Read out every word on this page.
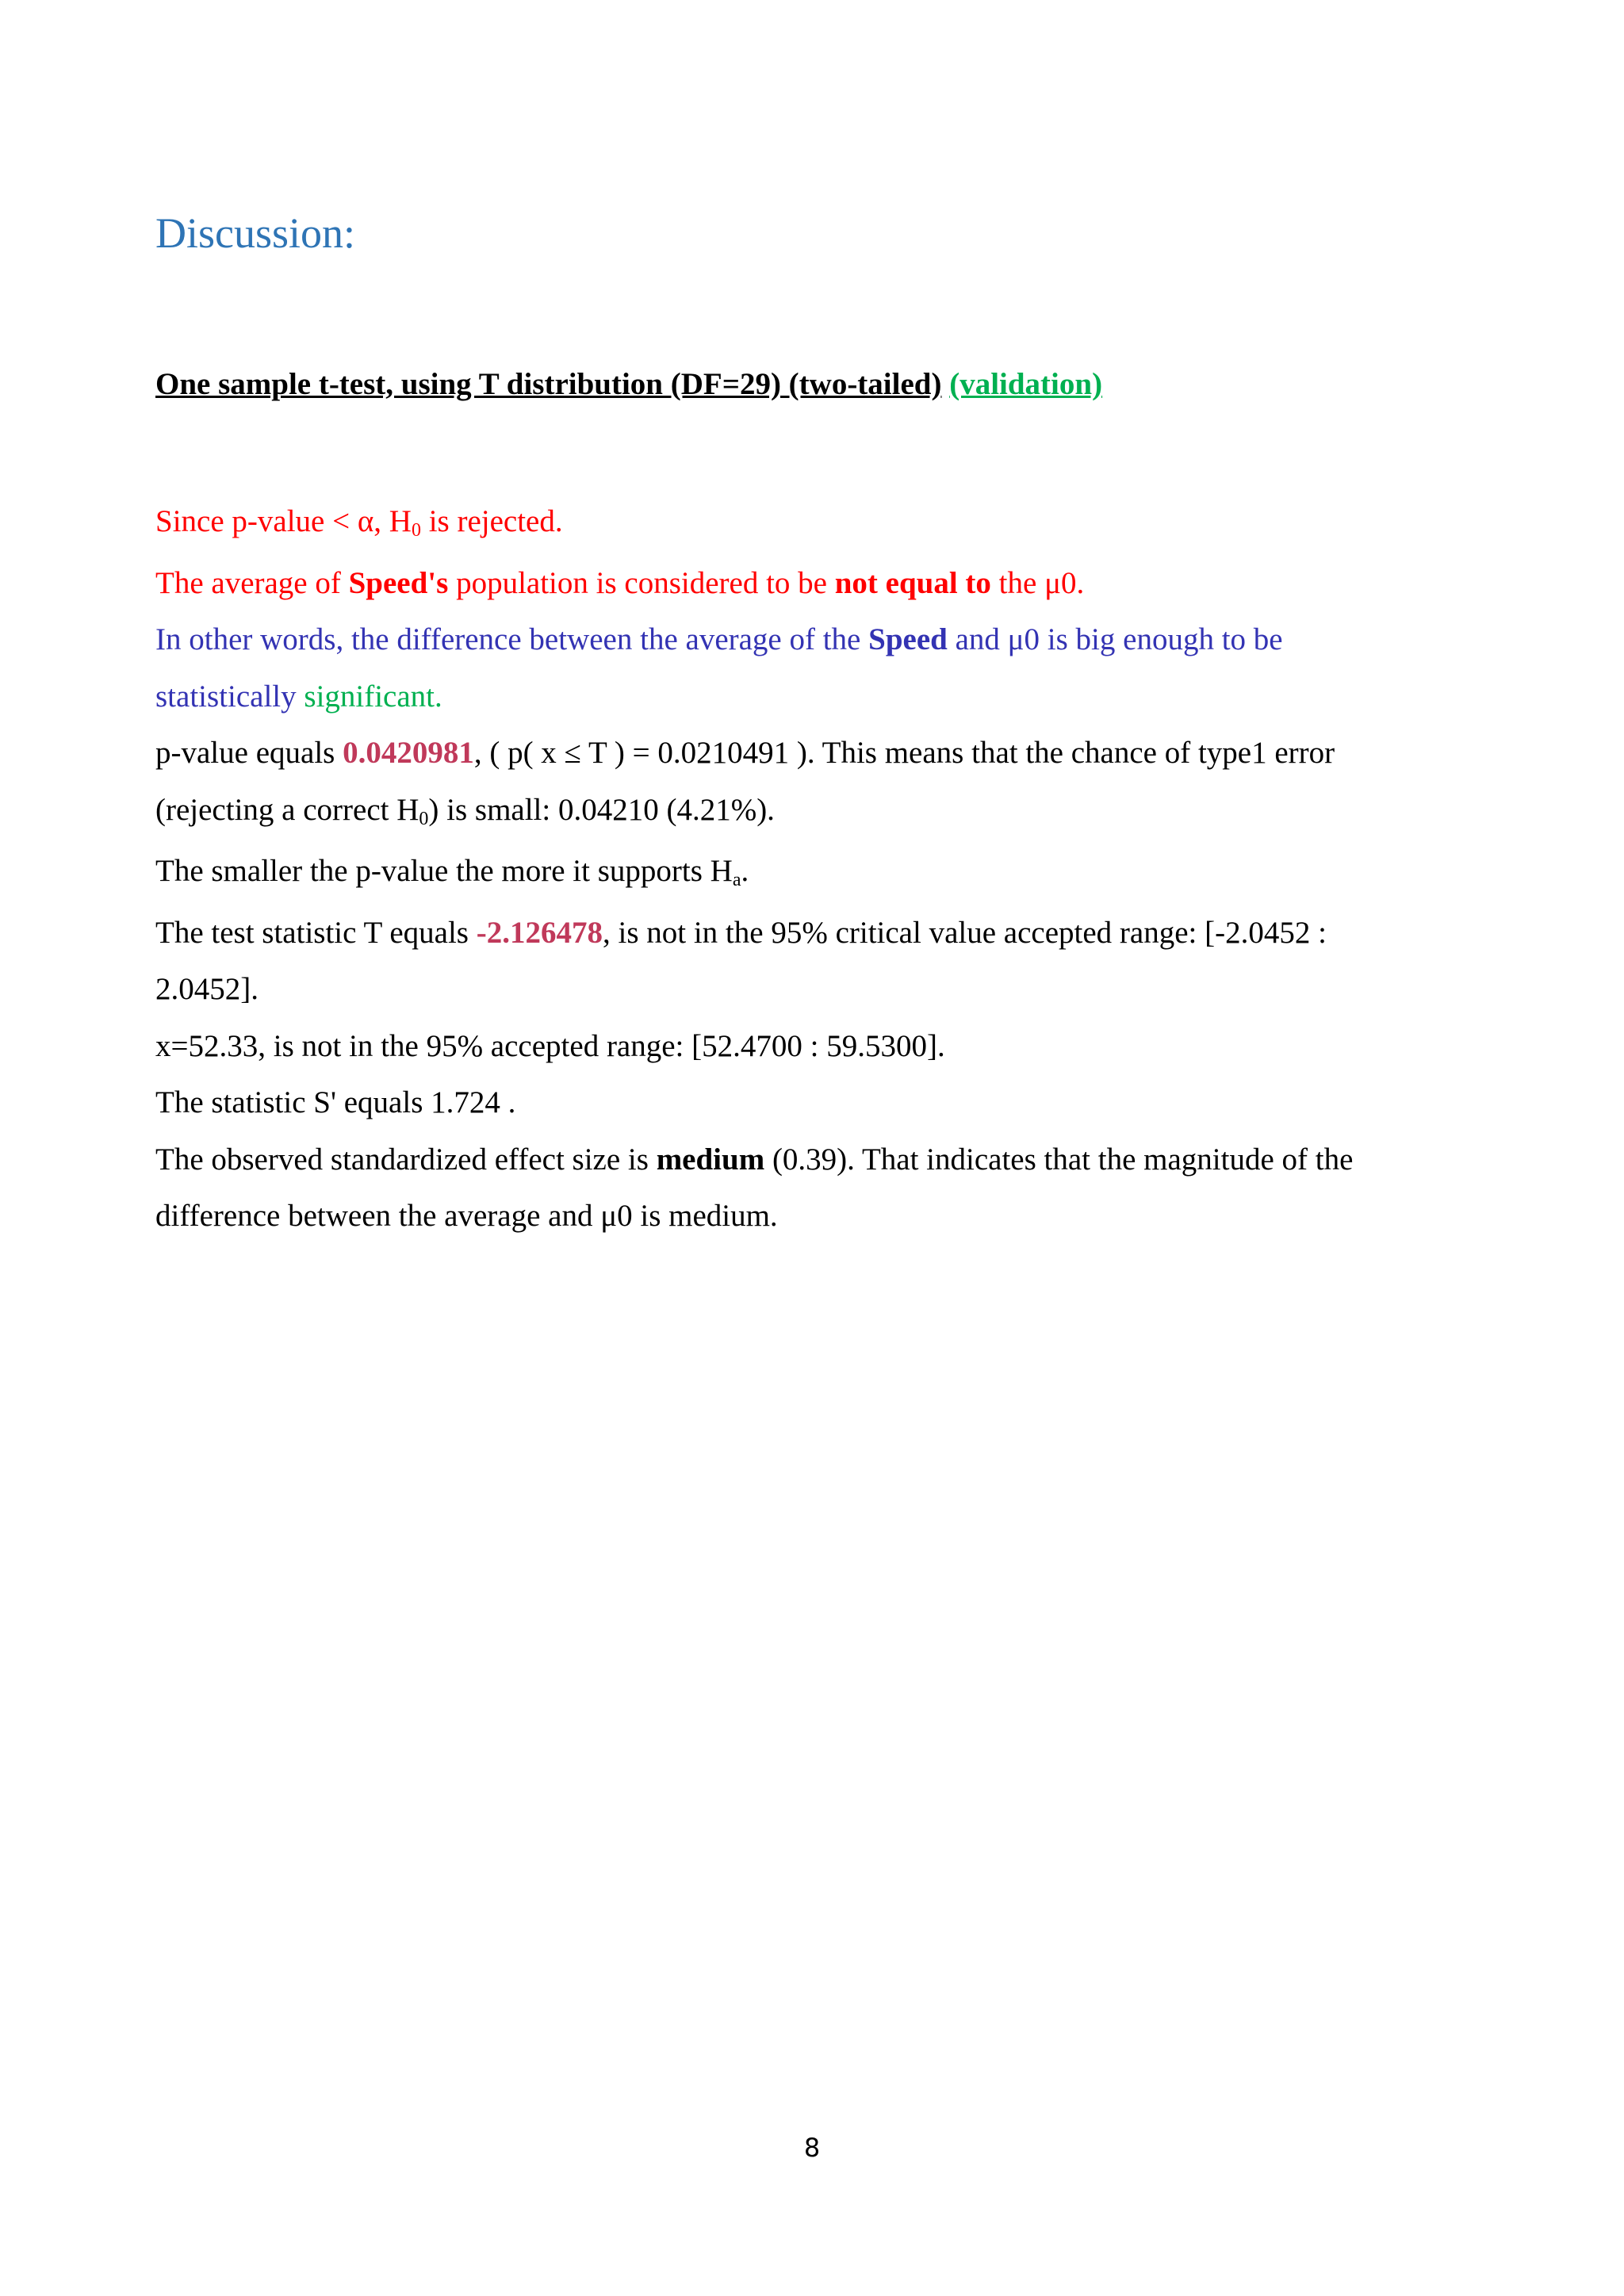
Discussion:
One sample t-test, using T distribution (DF=29) (two-tailed) (validation)
Since p-value < α, H0 is rejected.
The average of Speed's population is considered to be not equal to the μ0.
In other words, the difference between the average of the Speed and μ0 is big enough to be
statistically significant.
p-value equals 0.0420981, ( p( x ≤ T ) = 0.0210491 ). This means that the chance of type1 error
(rejecting a correct H0) is small: 0.04210 (4.21%).
The smaller the p-value the more it supports Ha.
The test statistic T equals -2.126478, is not in the 95% critical value accepted range: [-2.0452 :
2.0452].
x=52.33, is not in the 95% accepted range: [52.4700 : 59.5300].
The statistic S' equals 1.724 .
The observed standardized effect size is medium (0.39). That indicates that the magnitude of the
difference between the average and μ0 is medium.
8
